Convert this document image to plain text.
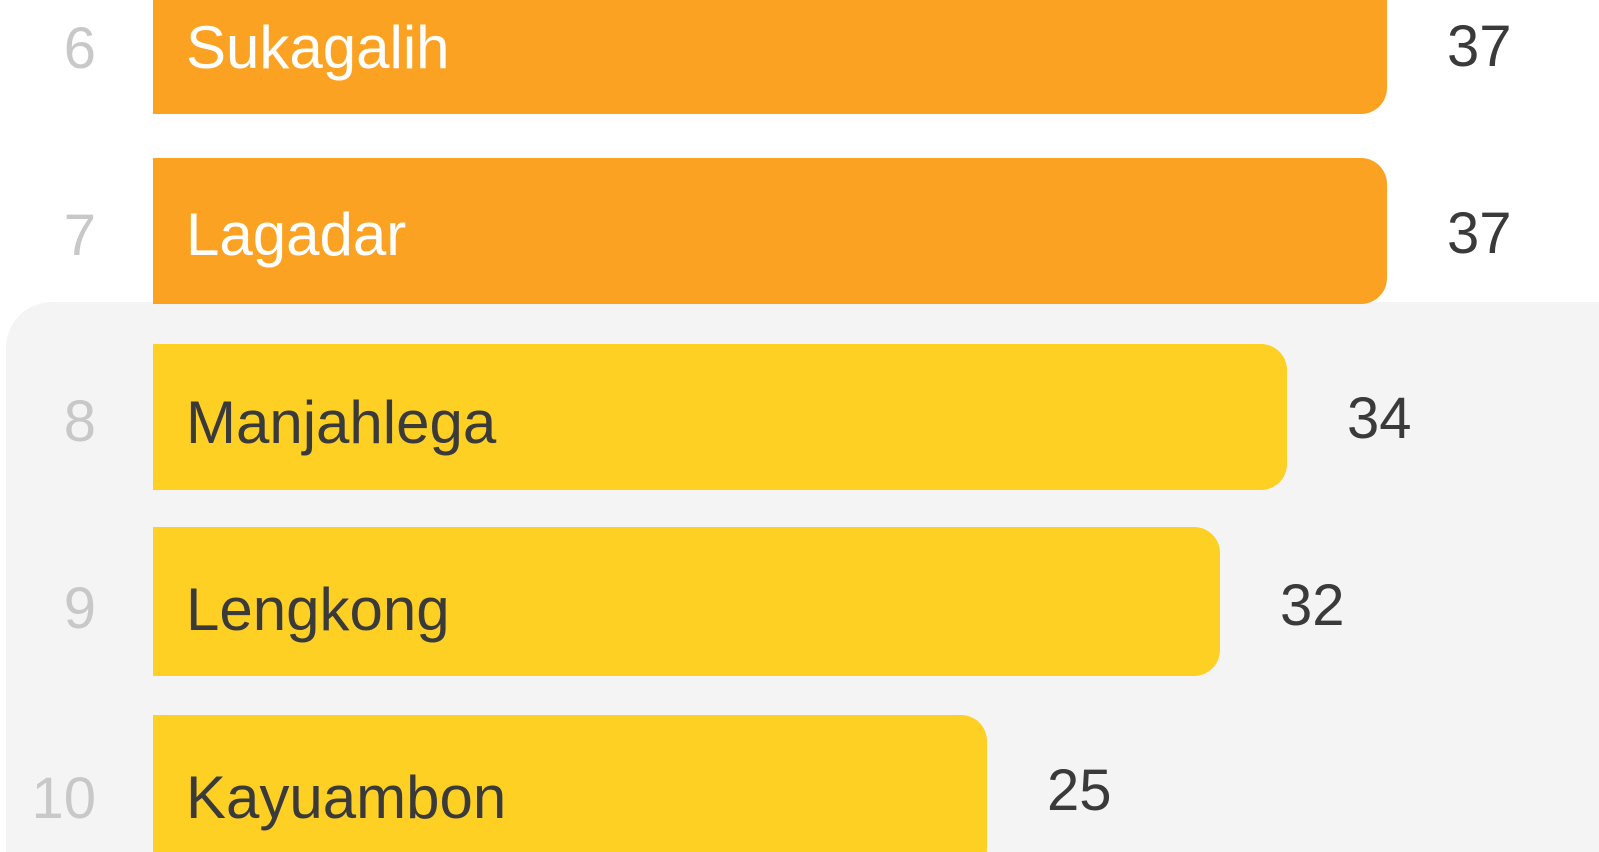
6 Sukagalih	37
7 Lagadar	37
8 Manjahlega	34
9 Lengkong	32
10 Kayuambon	25
